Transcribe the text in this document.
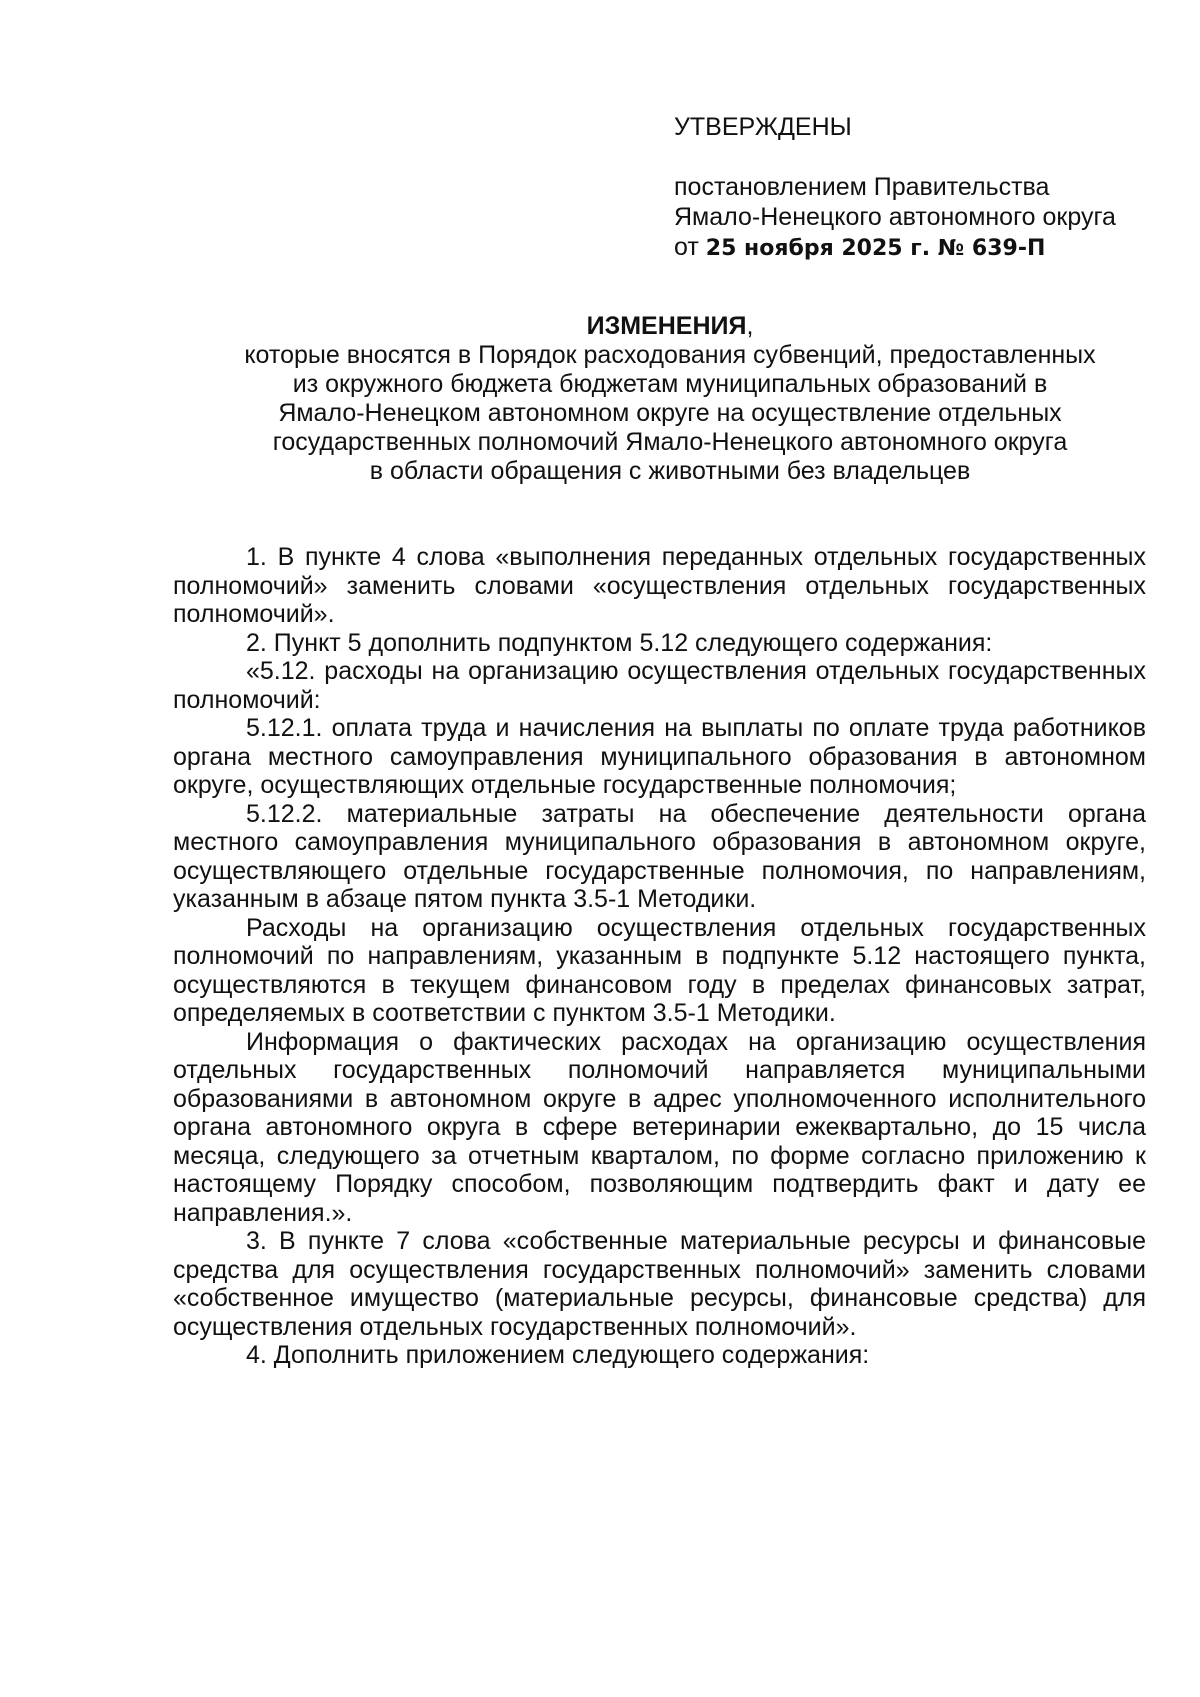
УТВЕРЖДЕНЫ
постановлением Правительства
Ямало-Ненецкого автономного округа
от 25 ноября 2025 г. № 639-П
ИЗМЕНЕНИЯ,
которые вносятся в Порядок расходования субвенций, предоставленных
из окружного бюджета бюджетам муниципальных образований в
Ямало-Ненецком автономном округе на осуществление отдельных
государственных полномочий Ямало-Ненецкого автономного округа
в области обращения с животными без владельцев

1. В пункте 4 слова «выполнения переданных отдельных государственных полномочий» заменить словами «осуществления отдельных государственных полномочий».

2. Пункт 5 дополнить подпунктом 5.12 следующего содержания:

«5.12. расходы на организацию осуществления отдельных государственных полномочий:

5.12.1. оплата труда и начисления на выплаты по оплате труда работников органа местного самоуправления муниципального образования в автономном округе, осуществляющих отдельные государственные полномочия;

5.12.2. материальные затраты на обеспечение деятельности органа местного самоуправления муниципального образования в автономном округе, осуществляющего отдельные государственные полномочия, по направлениям, указанным в абзаце пятом пункта 3.5-1 Методики.

Расходы на организацию осуществления отдельных государственных полномочий по направлениям, указанным в подпункте 5.12 настоящего пункта, осуществляются в текущем финансовом году в пределах финансовых затрат, определяемых в соответствии с пунктом 3.5-1 Методики.

Информация о фактических расходах на организацию осуществления отдельных государственных полномочий направляется муниципальными образованиями в автономном округе в адрес уполномоченного исполнительного органа автономного округа в сфере ветеринарии ежеквартально, до 15 числа месяца, следующего за отчетным кварталом, по форме согласно приложению к настоящему Порядку способом, позволяющим подтвердить факт и дату ее направления.».

3. В пункте 7 слова «собственные материальные ресурсы и финансовые средства для осуществления государственных полномочий» заменить словами «собственное имущество (материальные ресурсы, финансовые средства) для осуществления отдельных государственных полномочий».

4. Дополнить приложением следующего содержания:
